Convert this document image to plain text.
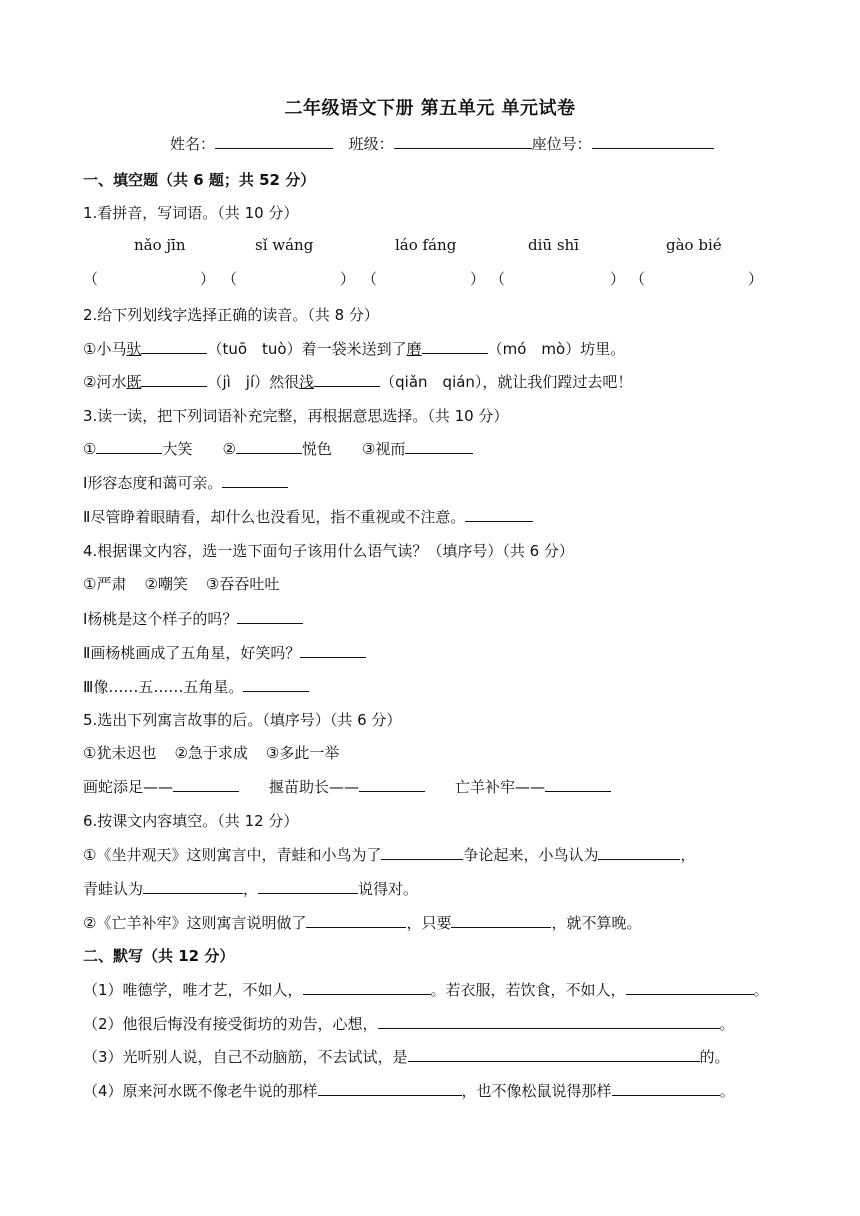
二年级语文下册 第五单元 单元试卷
姓名：	班级：	座位号：
一、填空题（共 6 题；共 52 分）
1.看拼音，写词语。（共 10 分）
nǎo jīn	sǐ wáng	láo fáng	diū shī	gào bié
（	） （	） （	） （	） （	）
2.给下列划线字选择正确的读音。（共 8 分）
①小马驮	（tuō　tuò）着一袋米送到了磨	（mó　mò）坊里。
②河水既	（jì　jí）然很浅	（qiǎn　qián），就让我们蹚过去吧！
3.读一读，把下列词语补充完整，再根据意思选择。（共 10 分）
①	大笑 ②	悦色 ③视而
Ⅰ形容态度和蔼可亲。
Ⅱ尽管睁着眼睛看，却什么也没看见，指不重视或不注意。
4.根据课文内容，选一选下面句子该用什么语气读？（填序号）（共 6 分）
①严肃 ②嘲笑 ③吞吞吐吐
Ⅰ杨桃是这个样子的吗？
Ⅱ画杨桃画成了五角星，好笑吗？
Ⅲ像……五……五角星。
5.选出下列寓言故事的后。（填序号）（共 6 分）
①犹未迟也 ②急于求成 ③多此一举
画蛇添足——	揠苗助长——	亡羊补牢——
6.按课文内容填空。（共 12 分）
①《坐井观天》这则寓言中，青蛙和小鸟为了	争论起来，小鸟认为	，
青蛙认为	，	说得对。
②《亡羊补牢》这则寓言说明做了	，只要	，就不算晚。
二、默写（共 12 分）
（1）唯德学，唯才艺，不如人，	。若衣服，若饮食，不如人，	。
（2）他很后悔没有接受街坊的劝告，心想，	。
（3）光听别人说，自己不动脑筋，不去试试，是	的。
（4）原来河水既不像老牛说的那样	，也不像松鼠说得那样	。
